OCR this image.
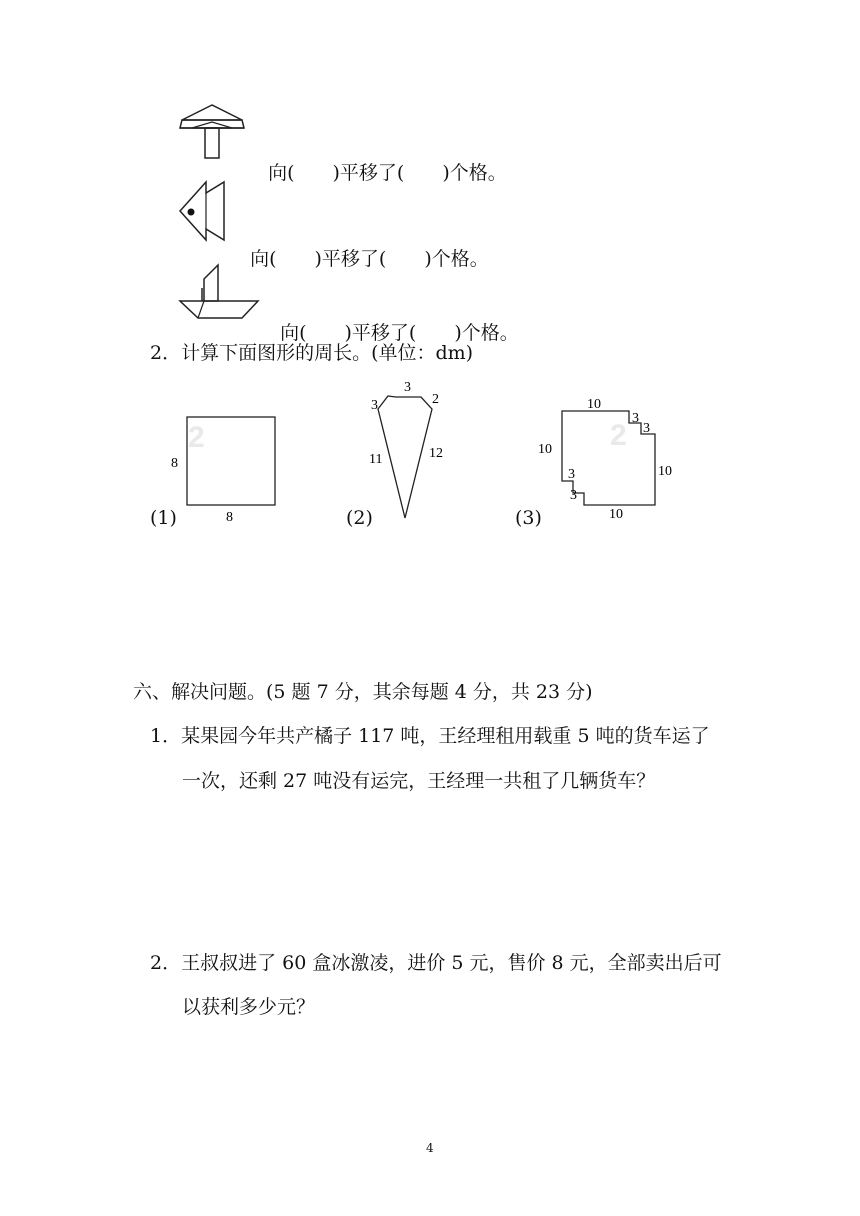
向( )平移了( )个格。

向( )平移了( )个格。

向( )平移了( )个格。

2．计算下面图形的周长。(单位：dm)
2
8
8
(1)
3
3	2
11	12
(2)
2
10
3
3
10
10
3
3
10
(3)
六、解决问题。(5 题 7 分，其余每题 4 分，共 23 分)
1．某果园今年共产橘子 117 吨，王经理租用载重 5 吨的货车运了
一次，还剩 27 吨没有运完，王经理一共租了几辆货车？
2．王叔叔进了 60 盒冰激凌，进价 5 元，售价 8 元，全部卖出后可
以获利多少元？
4
